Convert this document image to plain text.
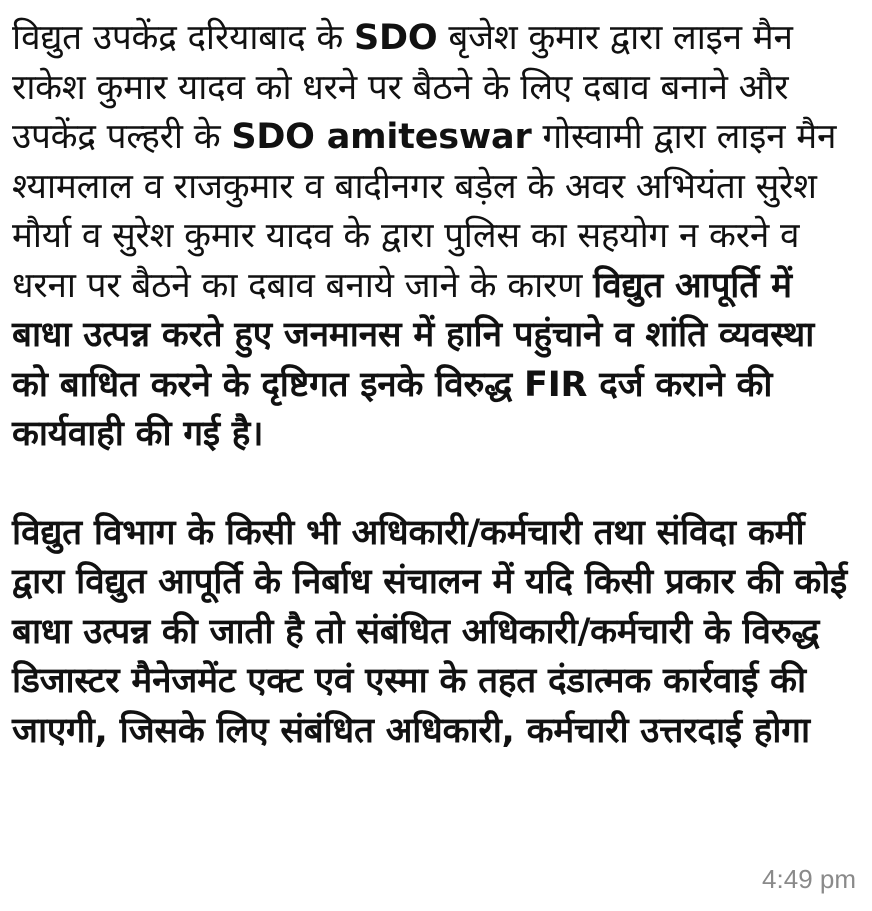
विद्युत उपकेंद्र दरियाबाद के SDO बृजेश कुमार द्वारा लाइन मैन राकेश कुमार यादव को धरने पर बैठने के लिए दबाव बनाने और उपकेंद्र पल्हरी के SDO amiteswar गोस्वामी द्वारा लाइन मैन श्यामलाल व राजकुमार व बादीनगर बड़ेल के अवर अभियंता सुरेश मौर्या व सुरेश कुमार यादव के द्वारा पुलिस का सहयोग न करने व धरना पर बैठने का दबाव बनाये जाने के कारण विद्युत आपूर्ति में बाधा उत्पन्न करते हुए जनमानस में हानि पहुंचाने व शांति व्यवस्था को बाधित करने के दृष्टिगत इनके विरुद्ध FIR दर्ज कराने की कार्यवाही की गई है।

विद्युत विभाग के किसी भी अधिकारी/कर्मचारी तथा संविदा कर्मी द्वारा विद्युत आपूर्ति के निर्बाध संचालन में यदि किसी प्रकार की कोई बाधा उत्पन्न की जाती है तो संबंधित अधिकारी/कर्मचारी के विरुद्ध डिजास्टर मैनेजमेंट एक्ट एवं एस्मा के तहत दंडात्मक कार्रवाई की जाएगी, जिसके लिए संबंधित अधिकारी, कर्मचारी उत्तरदाई होगा

4:49 pm
